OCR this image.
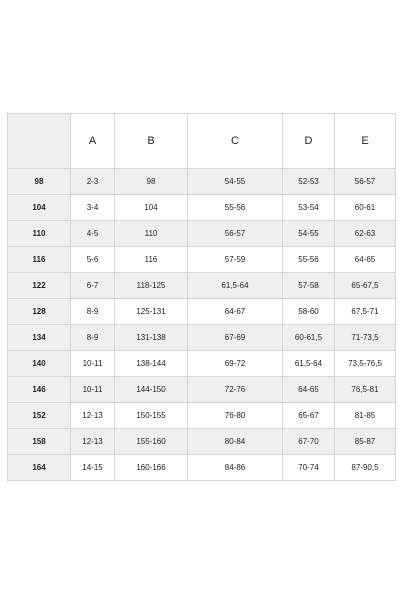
	A	B	C	D	E
98	2-3	98	54-55	52-53	56-57
104	3-4	104	55-56	53-54	60-61
110	4-5	110	56-57	54-55	62-63
116	5-6	116	57-59	55-56	64-65
122	6-7	118-125	61,5-64	57-58	65-67,5
128	8-9	125-131	64-67	58-60	67,5-71
134	8-9	131-138	67-69	60-61,5	71-73,5
140	10-11	138-144	69-72	61,5-64	73,5-76,5
146	10-11	144-150	72-76	64-65	76,5-81
152	12-13	150-155	76-80	65-67	81-85
158	12-13	155-160	80-84	67-70	85-87
164	14-15	160-166	84-86	70-74	87-90,5
